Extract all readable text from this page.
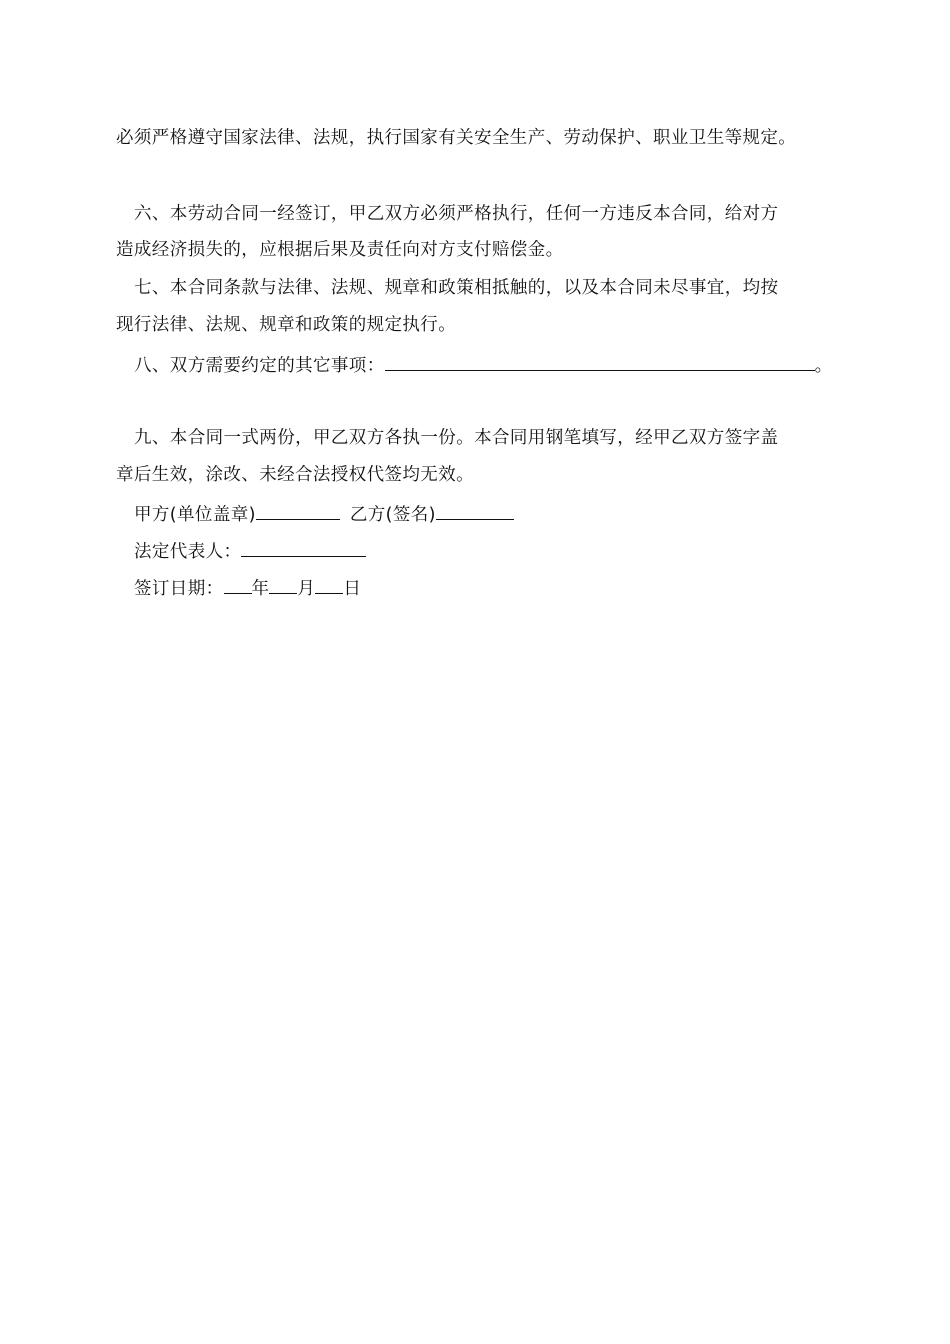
必须严格遵守国家法律、法规，执行国家有关安全生产、劳动保护、职业卫生等规定。
六、本劳动合同一经签订，甲乙双方必须严格执行，任何一方违反本合同，给对方
造成经济损失的，应根据后果及责任向对方支付赔偿金。
七、本合同条款与法律、法规、规章和政策相抵触的，以及本合同未尽事宜，均按
现行法律、法规、规章和政策的规定执行。
八、双方需要约定的其它事项：	。
九、本合同一式两份，甲乙双方各执一份。本合同用钢笔填写，经甲乙双方签字盖
章后生效，涂改、未经合法授权代签均无效。
甲方(单位盖章)	乙方(签名)
法定代表人：
签订日期： 年 月 日
